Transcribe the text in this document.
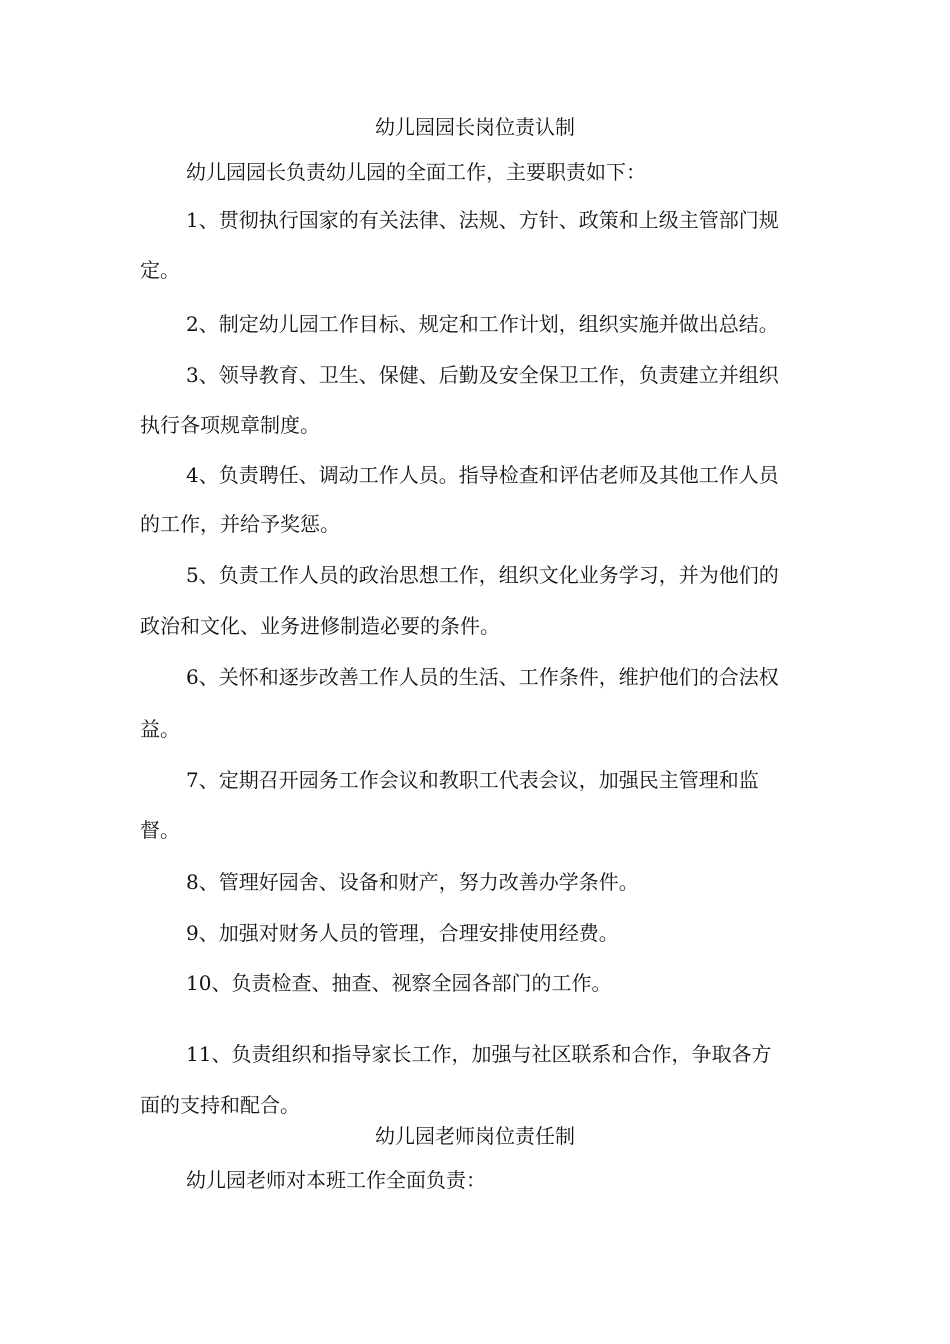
幼儿园园长岗位责认制

幼儿园园长负责幼儿园的全面工作，主要职责如下：

1、贯彻执行国家的有关法律、法规、方针、政策和上级主管部门规

定。

2、制定幼儿园工作目标、规定和工作计划，组织实施并做出总结。

3、领导教育、卫生、保健、后勤及安全保卫工作，负责建立并组织

执行各项规章制度。

4、负责聘任、调动工作人员。指导检查和评估老师及其他工作人员

的工作，并给予奖惩。

5、负责工作人员的政治思想工作，组织文化业务学习，并为他们的

政治和文化、业务进修制造必要的条件。

6、关怀和逐步改善工作人员的生活、工作条件，维护他们的合法权

益。

7、定期召开园务工作会议和教职工代表会议，加强民主管理和监

督。

8、管理好园舍、设备和财产，努力改善办学条件。

9、加强对财务人员的管理，合理安排使用经费。

10、负责检查、抽查、视察全园各部门的工作。

11、负责组织和指导家长工作，加强与社区联系和合作，争取各方

面的支持和配合。

幼儿园老师岗位责任制

幼儿园老师对本班工作全面负责：
